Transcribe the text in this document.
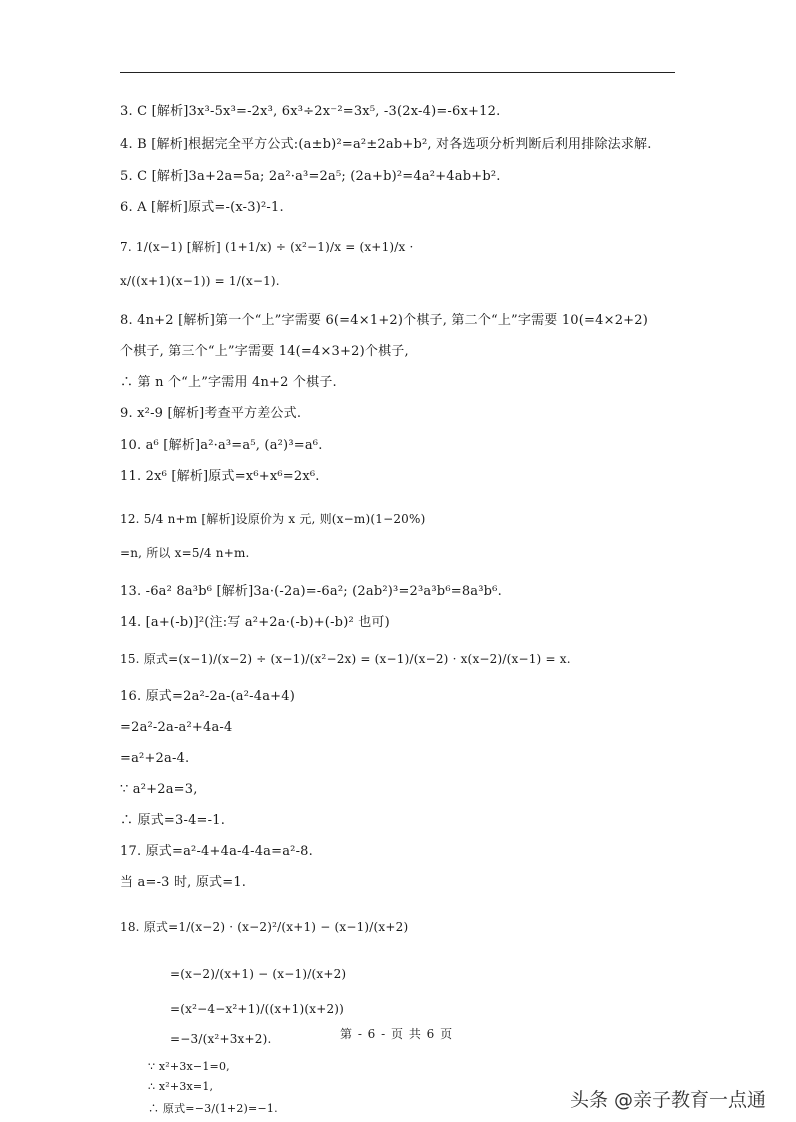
3. C [解析]3x³-5x³=-2x³, 6x³÷2x⁻²=3x⁵, -3(2x-4)=-6x+12.
4. B [解析]根据完全平方公式:(a±b)²=a²±2ab+b², 对各选项分析判断后利用排除法求解.
5. C [解析]3a+2a=5a; 2a²·a³=2a⁵; (2a+b)²=4a²+4ab+b².
6. A [解析]原式=-(x-3)²-1.
7. 1/(x−1) [解析] (1+1/x) ÷ (x²−1)/x = (x+1)/x ·
x/((x+1)(x−1)) = 1/(x−1).
8. 4n+2 [解析]第一个“上”字需要 6(=4×1+2)个棋子, 第二个“上”字需要 10(=4×2+2)
个棋子, 第三个“上”字需要 14(=4×3+2)个棋子,
∴ 第 n 个“上”字需用 4n+2 个棋子.
9. x²-9 [解析]考查平方差公式.
10. a⁶ [解析]a²·a³=a⁵, (a²)³=a⁶.
11. 2x⁶ [解析]原式=x⁶+x⁶=2x⁶.
12. 5/4 n+m [解析]设原价为 x 元, 则(x−m)(1−20%)
=n, 所以 x=5/4 n+m.
13. -6a² 8a³b⁶ [解析]3a·(-2a)=-6a²; (2ab²)³=2³a³b⁶=8a³b⁶.
14. [a+(-b)]²(注:写 a²+2a·(-b)+(-b)² 也可)
15. 原式=(x−1)/(x−2) ÷ (x−1)/(x²−2x) = (x−1)/(x−2) · x(x−2)/(x−1) = x.
16. 原式=2a²-2a-(a²-4a+4)
=2a²-2a-a²+4a-4
=a²+2a-4.
∵ a²+2a=3,
∴ 原式=3-4=-1.
17. 原式=a²-4+4a-4-4a=a²-8.
当 a=-3 时, 原式=1.
18. 原式=1/(x−2) · (x−2)²/(x+1) − (x−1)/(x+2)
=(x−2)/(x+1) − (x−1)/(x+2)
=(x²−4−x²+1)/((x+1)(x+2))
=−3/(x²+3x+2).
∵ x²+3x−1=0,
∴ x²+3x=1,
∴ 原式=−3/(1+2)=−1.
第 - 6 - 页 共 6 页
头条 @亲子教育一点通
